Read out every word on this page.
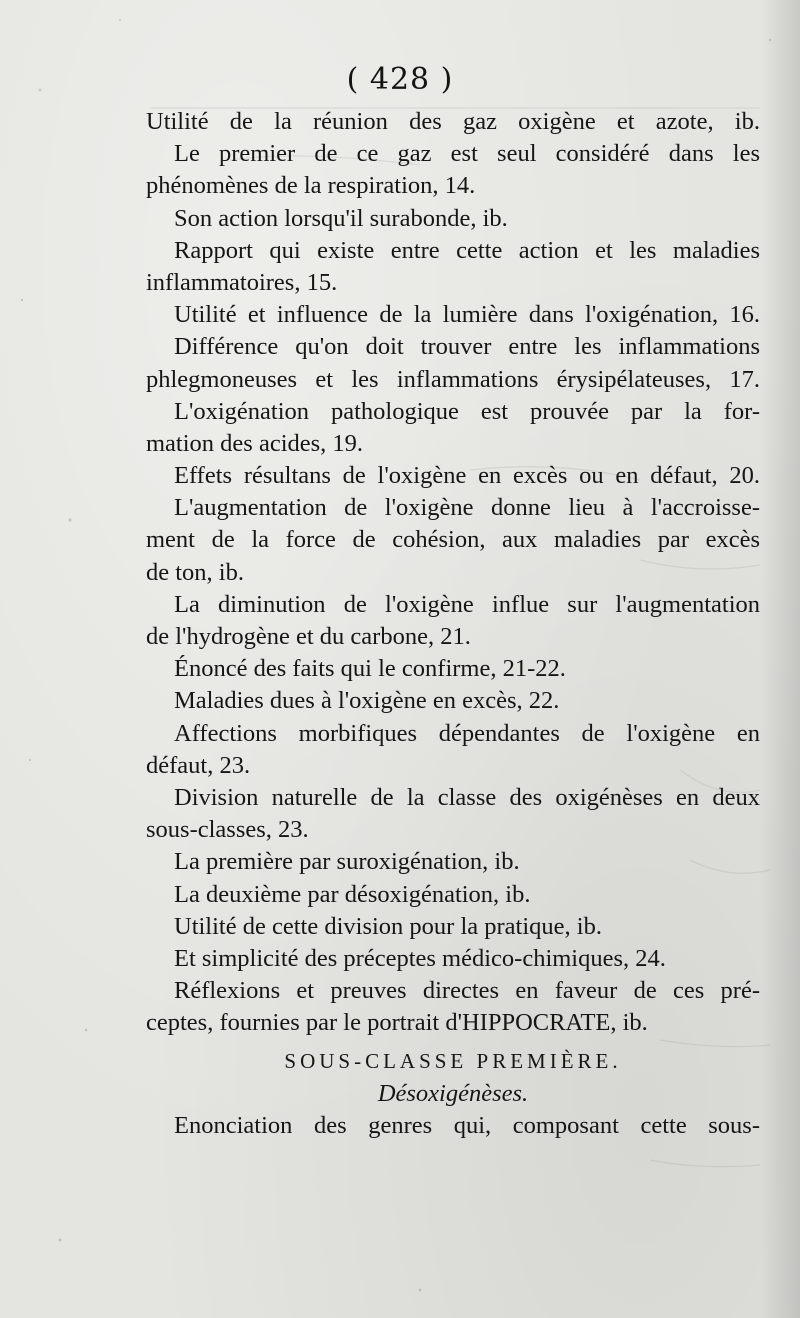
( 428 )
Utilité de la réunion des gaz oxigène et azote, ib.
Le premier de ce gaz est seul considéré dans les
phénomènes de la respiration, 14.
Son action lorsqu'il surabonde, ib.
Rapport qui existe entre cette action et les maladies
inflammatoires, 15.
Utilité et influence de la lumière dans l'oxigénation, 16.
Différence qu'on doit trouver entre les inflammations
phlegmoneuses et les inflammations érysipélateuses, 17.
L'oxigénation pathologique est prouvée par la for-
mation des acides, 19.
Effets résultans de l'oxigène en excès ou en défaut, 20.
L'augmentation de l'oxigène donne lieu à l'accroisse-
ment de la force de cohésion, aux maladies par excès
de ton, ib.
La diminution de l'oxigène influe sur l'augmentation
de l'hydrogène et du carbone, 21.
Énoncé des faits qui le confirme, 21-22.
Maladies dues à l'oxigène en excès, 22.
Affections morbifiques dépendantes de l'oxigène en
défaut, 23.
Division naturelle de la classe des oxigénèses en deux
sous-classes, 23.
La première par suroxigénation, ib.
La deuxième par désoxigénation, ib.
Utilité de cette division pour la pratique, ib.
Et simplicité des préceptes médico-chimiques, 24.
Réflexions et preuves directes en faveur de ces pré-
ceptes, fournies par le portrait d'HIPPOCRATE, ib.
SOUS-CLASSE PREMIÈRE.
Désoxigénèses.
Enonciation des genres qui, composant cette sous-
